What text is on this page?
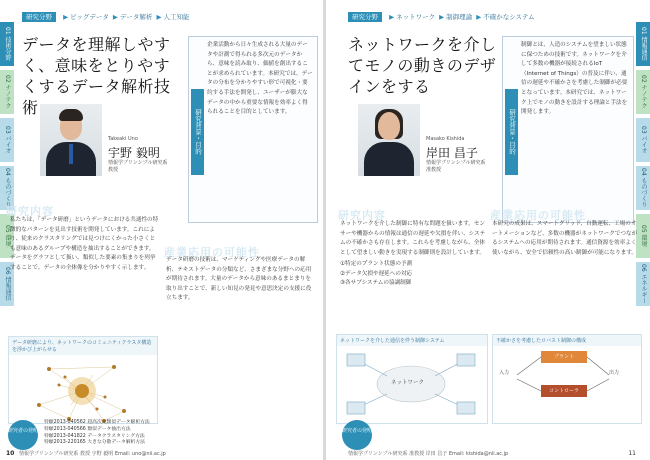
01 技術分野
02 ナノテク
03 バイオ
04 ものづくり
05 環境
06 情報通信
研究分野 ▶ ビッグデータ ▶ データ解析 ▶ 人工知能
データを理解しやすく、意味をとりやすくするデータ解析技術
研究背景・目的
企業活動から日々生成される大量のデータや計測で得られる多次元のデータから、意味を読み取り、価値を創出することが求められています。本研究では、データの分布を分かりやすい形で可視化・要約する手法を開発し、ユーザーが膨大なデータの中から重要な情報を効率よく得られることを目的としています。
Takeaki Uno
宇野 毅明
情報学プリンシプル研究系 教授
研究内容
私たちは、「データ研磨」というデータにおける共通性の特徴的なパターンを見出す技術を開発しています。これにより、従来のクラスタリングでは見つけにくかった小さくとも意味のあるグループや構造を抽出することができます。データをグラフとして扱い、類似した要素の集まりを列挙することで、データの全体像を分かりやすく示します。
産業応用の可能性
データ研磨の技術は、マーケティングや医療データの解析、テキストデータの分類など、さまざまな分野への応用が期待されます。大量のデータから意味のあるまとまりを取り出すことで、新しい知見の発見や意思決定の支援に役立ちます。
データ研磨により、ネットワークのコミュニティクラスタ構造を浮かび上がらせる
研究者の発明
特願2013-040562 超高次元類似データ解析方法
特願2013-040566 類似データ抽出方法
特願2013-041822 データクラスタリング方法
特願2013-220165 大きな分散データ解析方法
10 情報学プリンシプル研究系 教授 宇野 毅明 Email: uno@nii.ac.jp
01 情報通信
02 ナノテク
03 バイオ
04 ものづくり
05 環境
06 エネルギー
研究分野 ▶ ネットワーク ▶ 制御理論 ▶ 不確かなシステム
ネットワークを介してモノの動きのデザインをする
研究背景・目的
制御とは、人造のシステムを望ましい状態に保つための技術です。ネットワークを介して多数の機器が接続されるIoT（Internet of Things）の普及に伴い、通信の遅延や不確かさを考慮した制御が必要となっています。本研究では、ネットワーク上でモノの動きを設計する理論と手法を開発します。
Masako Kishida
岸田 昌子
情報学プリンシプル研究系 准教授
研究内容
ネットワークを介した制御に特有な問題を扱います。センサーや機器からの情報は通信の遅延や欠損を伴い、システムの不確かさも存在します。これらを考慮しながら、全体として望ましい動きを実現する制御則を設計しています。
①特定のプラント状態の予測
②データ欠損や遅延への対応
③各サブシステムの協調制御
産業応用の可能性
本研究の成果は、スマートグリッド、自動運転、工場のオートメーションなど、多数の機器がネットワークでつながるシステムへの応用が期待されます。通信資源を効率よく使いながら、安全で信頼性の高い制御が可能になります。
ネットワークを介した通信を伴う制御システム
ネットワーク
不確かさを考慮したロバスト制御の構成
プラント
コントローラ
入力	出力
研究者の発明
情報学プリンシプル研究系 准教授 岸田 昌子 Email: kishida@nii.ac.jp	11
